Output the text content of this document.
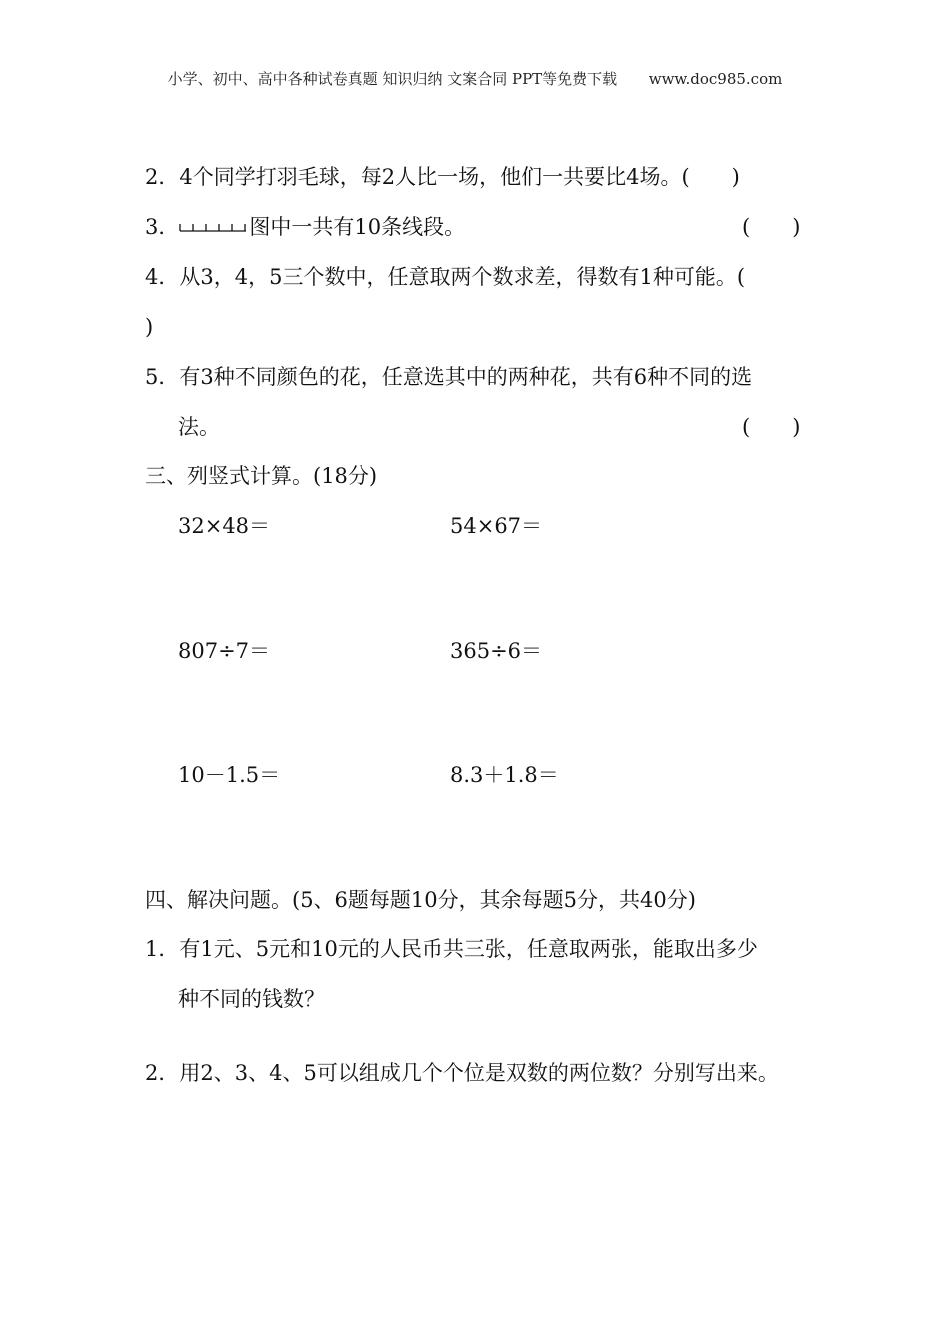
小学、初中、高中各种试卷真题 知识归纳 文案合同 PPT等免费下载 www.doc985.com
2．4个同学打羽毛球，每2人比一场，他们一共要比4场。(　　)
3．	图中一共有10条线段。	(　　)
4．从3，4，5三个数中，任意取两个数求差，得数有1种可能。(
)
5．有3种不同颜色的花，任意选其中的两种花，共有6种不同的选
法。	(　　)
三、列竖式计算。(18分)
32×48＝	54×67＝
807÷7＝	365÷6＝
10－1.5＝	8.3＋1.8＝
四、解决问题。(5、6题每题10分，其余每题5分，共40分)
1．有1元、5元和10元的人民币共三张，任意取两张，能取出多少
种不同的钱数？
2．用2、3、4、5可以组成几个个位是双数的两位数？分别写出来。
